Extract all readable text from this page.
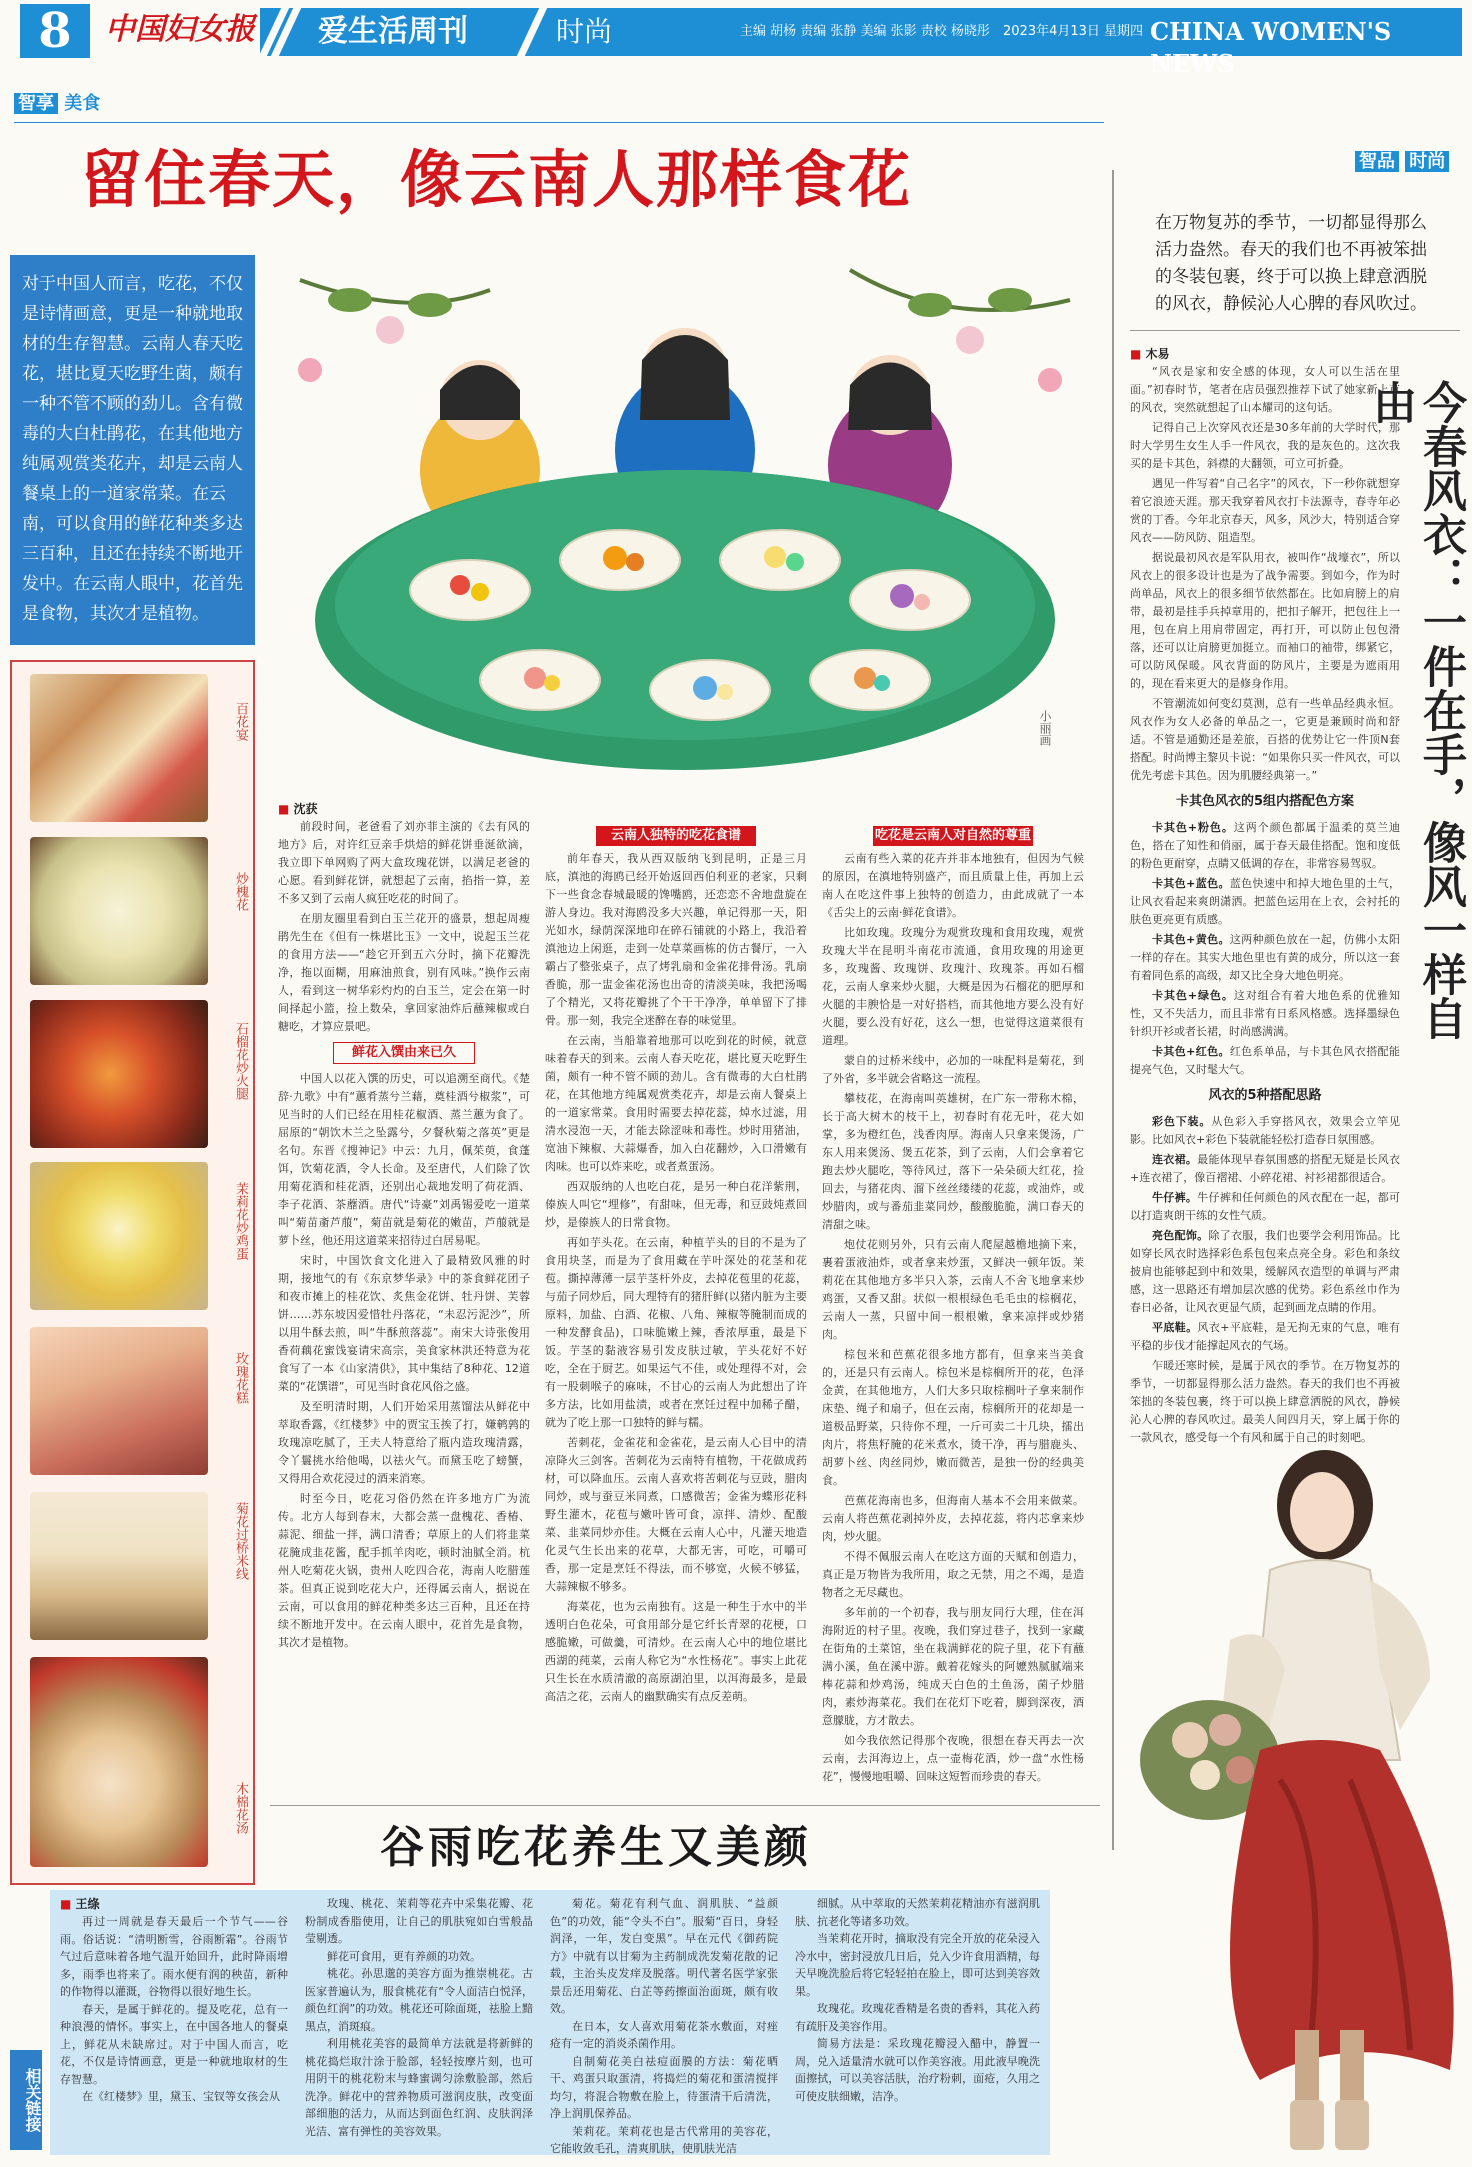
8	中国妇女报 爱生活周刊	时尚	主编 胡杨 责编 张静 美编 张影 责校 杨晓彤 2023年4月13日 星期四 CHINA WOMEN'S NEWS
智享 美食
留住春天，像云南人那样食花
对于中国人而言，吃花，不仅是诗情画意，更是一种就地取材的生存智慧。云南人春天吃花，堪比夏天吃野生菌，颇有一种不管不顾的劲儿。含有微毒的大白杜鹃花，在其他地方纯属观赏类花卉，却是云南人餐桌上的一道家常菜。在云南，可以食用的鲜花种类多达三百种，且还在持续不断地开发中。在云南人眼中，花首先是食物，其次才是植物。
百花宴
炒槐花
石榴花炒火腿
茉莉花炒鸡蛋
玫瑰花糕
菊花过桥米线
木棉花汤
小丽画
■ 沈获

前段时间，老爸看了刘亦菲主演的《去有风的地方》后，对许红豆亲手烘焙的鲜花饼垂涎欲滴，我立即下单网购了两大盒玫瑰花饼，以满足老爸的心愿。看到鲜花饼，就想起了云南，掐指一算，差不多又到了云南人疯狂吃花的时间了。

在朋友圈里看到白玉兰花开的盛景，想起周瘦鹃先生在《但有一株堪比玉》一文中，说起玉兰花的食用方法——“趁它开到五六分时，摘下花瓣洗净，拖以面糊，用麻油煎食，别有风味。”换作云南人，看到这一树华彩灼灼的白玉兰，定会在第一时间择起小篮，捡上数朵，拿回家油炸后蘸辣椒或白糖吃，才算应景吧。

鲜花入馔由来已久

中国人以花入馔的历史，可以追溯至商代。《楚辞·九歌》中有“蕙肴蒸兮兰藉，奠桂酒兮椒浆”，可见当时的人们已经在用桂花椒酒、蒸兰蕙为食了。屈原的“朝饮木兰之坠露兮，夕餐秋菊之落英”更是名句。东晋《搜神记》中云：九月，佩茱萸，食蓬饵，饮菊花酒，令人长命。及至唐代，人们除了饮用菊花酒和桂花酒，还别出心裁地发明了荷花酒、李子花酒、茶蘼酒。唐代“诗豪”刘禹锡爱吃一道菜叫“菊苗齑芦菔”，菊苗就是菊花的嫩苗，芦菔就是萝卜丝，他还用这道菜来招待过白居易呢。

宋时，中国饮食文化进入了最精致风雅的时期，接地气的有《东京梦华录》中的茶食鲜花团子和夜市摊上的桂花饮、炙焦金花饼、牡丹饼、芙蓉饼……苏东坡因爱惜牡丹落花，“未忍污泥沙”，所以用牛酥去煎，叫“牛酥煎落蕊”。南宋大诗张俊用香荷藕花蜜饯宴请宋高宗，美食家林洪还特意为花食写了一本《山家清供》，其中集结了8种花、12道菜的“花馔谱”，可见当时食花风俗之盛。

及至明清时期，人们开始采用蒸馏法从鲜花中萃取香露，《红楼梦》中的贾宝玉挨了打，嫌鹌鹑的玫瑰凉吃腻了，王夫人特意给了瓶内造玫瑰清露，令丫鬟挑水给他喝，以祛火气。而黛玉吃了螃蟹，又得用合欢花浸过的酒来消寒。

时至今日，吃花习俗仍然在许多地方广为流传。北方人每到春末，大都会蒸一盘槐花、香椿、蒜泥、细盐一拌，满口清香；草原上的人们将韭菜花腌成韭花酱，配手抓羊肉吃，顿时油腻全消。杭州人吃菊花火锅，贵州人吃四合花，海南人吃腊莲茶。但真正说到吃花大户，还得属云南人，据说在云南，可以食用的鲜花种类多达三百种，且还在持续不断地开发中。在云南人眼中，花首先是食物，其次才是植物。

云南人独特的吃花食谱

前年春天，我从西双版纳飞到昆明，正是三月底，滇池的海鸥已经开始返回西伯利亚的老家，只剩下一些食念春城最暖的馋嘴鸥，还恋恋不舍地盘旋在游人身边。我对海鸥没多大兴趣，单记得那一天，阳光如水，绿荫深深地印在碎石铺就的小路上，我沿着滇池边上闲逛，走到一处草菜画栋的仿古餐厅，一入霸占了整张桌子，点了烤乳扇和金雀花排骨汤。乳扇香脆，那一盅金雀花汤也出奇的清淡美味，我把汤喝了个精光，又将花瓣挑了个干干净净，单单留下了排骨。那一刻，我完全迷醉在春的味觉里。

在云南，当船靠着地那可以吃到花的时候，就意味着春天的到来。云南人春天吃花，堪比夏天吃野生菌，颇有一种不管不顾的劲儿。含有微毒的大白杜鹃花，在其他地方纯属观赏类花卉，却是云南人餐桌上的一道家常菜。食用时需要去掉花蕊，焯水过滤，用清水浸泡一天，才能去除涩味和毒性。炒时用猪油，宽油下辣椒、大蒜爆香，加入白花翻炒，入口滑嫩有肉味。也可以炸来吃，或者煮蛋汤。

西双版纳的人也吃白花，是另一种白花洋紫荆，傣族人叫它“埋修”，有甜味，但无毒，和豆豉炖煮回炒，是傣族人的日常食物。

再如芋头花。在云南，种植芋头的目的不是为了食用块茎，而是为了食用藏在芋叶深处的花茎和花苞。撕掉薄薄一层芋茎杆外皮，去掉花苞里的花蕊，与茄子同炒后，同大理特有的猪肝鲜(以猪内脏为主要原料，加盐、白酒、花椒、八角、辣椒等腌制而成的一种发酵食品)，口味脆嫩上辣，香浓厚重，最是下饭。芋茎的黏液容易引发皮肤过敏，芋头花好不好吃，全在于厨艺。如果运气不佳，或处理得不对，会有一股刺喉子的麻味，不甘心的云南人为此想出了许多方法，比如用盐渍，或者在烹饪过程中加稀子醋，就为了吃上那一口独特的鲜与糯。

苦刺花，金雀花和金雀花，是云南人心目中的清凉降火三剑客。苦刺花为云南特有植物，干花做成药材，可以降血压。云南人喜欢将苦刺花与豆豉，腊肉同炒，或与蚕豆米同煮，口感微苦；金雀为蝶形花科野生灌木，花苞与嫩叶皆可食，凉拌、清炒、配酸菜、韭菜同炒亦佳。大概在云南人心中，凡灌天地造化灵气生长出来的花草，大都无害，可吃，可嚼可香，那一定是烹饪不得法，而不够宽，火候不够猛，大蒜辣椒不够多。

海菜花，也为云南独有。这是一种生于水中的半透明白色花朵，可食用部分是它纤长青翠的花梗，口感脆嫩，可做羹，可清炒。在云南人心中的地位堪比西湖的莼菜，云南人称它为“水性杨花”。事实上此花只生长在水质清澈的高原湖泊里，以洱海最多，是最高洁之花，云南人的幽默确实有点反差萌。

吃花是云南人对自然的尊重

云南有些入菜的花卉并非本地独有，但因为气候的原因，在滇地特别盛产，而且质量上佳，再加上云南人在吃这件事上独特的创造力，由此成就了一本《舌尖上的云南·鲜花食谱》。

比如玫瑰。玫瑰分为观赏玫瑰和食用玫瑰，观赏玫瑰大半在昆明斗南花市流通，食用玫瑰的用途更多，玫瑰酱、玫瑰饼、玫瑰汁、玫瑰茶。再如石榴花，云南人拿来炒火腿，大概是因为石榴花的肥厚和火腿的丰腴恰是一对好搭档，而其他地方要么没有好火腿，要么没有好花，这么一想，也觉得这道菜很有道理。

蒙自的过桥米线中，必加的一味配料是菊花，到了外省，多半就会省略这一流程。

攀枝花，在海南叫英雄树，在广东一带称木棉，长于高大树木的枝干上，初春时有花无叶，花大如掌，多为橙红色，浅香肉厚。海南人只拿来煲汤，广东人用来煲汤、煲五花茶，到了云南，人们会拿着它跑去炒火腿吃，等待风过，落下一朵朵硕大红花，捡回去，与猪花肉、溜下丝丝缕缕的花蕊，或油炸，或炒腊肉，或与番茄韭菜同炒，酸酸脆脆，满口春天的清甜之味。

炮仗花则另外，只有云南人爬屋越檐地摘下来，裹着蛋液油炸，或者拿来炒蛋，又鲜决一顿年饭。茉莉花在其他地方多半只入茶，云南人不舍飞地拿来炒鸡蛋，又香又甜。状似一根根绿色毛毛虫的棕榈花，云南人一蒸，只留中间一根根嫩，拿来凉拌或炒猪肉。

棕包米和芭蕉花很多地方都有，但拿来当美食的，还是只有云南人。棕包米是棕榈所开的花，色泽金黄，在其他地方，人们大多只取棕榈叶子拿来制作床垫、绳子和扇子，但在云南，棕榈所开的花却是一道极品野菜，只待你不理，一斤可卖二十几块，擂出肉片，将焦籽腌的花米煮水，烫干净，再与腊鹿头、胡萝卜丝、肉丝同炒，嫩而微苦，是独一份的经典美食。

芭蕉花海南也多，但海南人基本不会用来做菜。云南人将芭蕉花剥掉外皮，去掉花蕊，将内芯拿来炒肉，炒火腿。

不得不佩服云南人在吃这方面的天赋和创造力，真正是万物皆为我所用，取之无禁，用之不竭，是造物者之无尽藏也。

多年前的一个初春，我与朋友同行大理，住在洱海附近的村子里。夜晚，我们穿过巷子，找到一家藏在街角的土菜馆，坐在栽满鲜花的院子里，花下有蘸满小溪，鱼在溪中游。戴着花嫁头的阿嬷熟腻腻端来棒花蒜和炒鸡汤，纯成天白色的土鱼汤，菌子炒腊肉，素炒海菜花。我们在花灯下吃着，脚到深夜，酒意朦胧，方才散去。

如今我依然记得那个夜晚，很想在春天再去一次云南，去洱海边上，点一壶梅花酒，炒一盘“水性杨花”，慢慢地咀嚼、回味这短暂而珍贵的春天。

智品 时尚
在万物复苏的季节，一切都显得那么活力盎然。春天的我们也不再被笨拙的冬装包裹，终于可以换上肆意洒脱的风衣，静候沁人心脾的春风吹过。
今春风衣：一件在手，像风一样自由
■ 木易

“风衣是家和安全感的体现，女人可以生活在里面。”初春时节，笔者在店员强烈推荐下试了她家新上市的风衣，突然就想起了山本耀司的这句话。

记得自己上次穿风衣还是30多年前的大学时代，那时大学男生女生人手一件风衣，我的是灰色的。这次我买的是卡其色，斜襟的大翻领，可立可折叠。

遇见一件写着“自己名字”的风衣，下一秒你就想穿着它浪迹天涯。那天我穿着风衣打卡法源寺，春寺年必赏的丁香。今年北京春天，风多，风沙大，特别适合穿风衣——防风防、阻造型。

据说最初风衣是军队用衣，被叫作“战壕衣”，所以风衣上的很多设计也是为了战争需要。到如今，作为时尚单品，风衣上的很多细节依然都在。比如肩膀上的肩带，最初是挂手兵掉章用的，把扣子解开，把包往上一甩，包在肩上用肩带固定，再打开，可以防止包包滑落，还可以让肩膀更加挺立。而袖口的袖带，绑紧它，可以防风保暖。风衣背面的防风片，主要是为遮雨用的，现在看来更大的是修身作用。

不管潮流如何变幻莫测，总有一些单品经典永恒。风衣作为女人必备的单品之一，它更是兼顾时尚和舒适。不管是通勤还是差旅，百搭的优势让它一件顶N套搭配。时尚博主黎贝卡说：“如果你只买一件风衣，可以优先考虑卡其色。因为肌腰经典第一。”

卡其色风衣的5组内搭配色方案

卡其色+粉色。这两个颜色都属于温柔的莫兰迪色，搭在了知性和俏丽，属于春天最佳搭配。饱和度低的粉色更耐穿，点睛又低调的存在，非常容易驾驭。

卡其色+蓝色。蓝色快速中和掉大地色里的土气，让风衣看起来爽朗潇洒。把蓝色运用在上衣，会衬托的肤色更亮更有质感。

卡其色+黄色。这两种颜色放在一起，仿佛小太阳一样的存在。其实大地色里也有黄的成分，所以这一套有着同色系的高级，却又比全身大地色明亮。

卡其色+绿色。这对组合有着大地色系的优雅知性，又不失活力，而且非常有日系风格感。选择墨绿色针织开衫或者长裙，时尚感满满。

卡其色+红色。红色系单品，与卡其色风衣搭配能提亮气色，又时髦大气。

风衣的5种搭配思路

彩色下装。从色彩入手穿搭风衣，效果会立竿见影。比如风衣+彩色下装就能轻松打造春日氛围感。

连衣裙。最能体现早春氛围感的搭配无疑是长风衣+连衣裙了，像百褶裙、小碎花裙、衬衫裙都很适合。

牛仔裤。牛仔裤和任何颜色的风衣配在一起，都可以打造爽朗干练的女性气质。

亮色配饰。除了衣服，我们也要学会利用饰品。比如穿长风衣时选择彩色系包包来点亮全身。彩色和条纹披肩也能够起到中和效果，缓解风衣造型的单调与严肃感，这一思路还有增加层次感的优势。彩色系丝巾作为春日必备，让风衣更显气质，起到画龙点睛的作用。

平底鞋。风衣+平底鞋，是无拘无束的气息，唯有平稳的步伐才能撑起风衣的气场。

乍暖还寒时候，是属于风衣的季节。在万物复苏的季节，一切都显得那么活力盎然。春天的我们也不再被笨拙的冬装包裹，终于可以换上肆意洒脱的风衣，静候沁人心脾的春风吹过。最美人间四月天，穿上属于你的一款风衣，感受每一个有风和属于自己的时刻吧。

谷雨吃花养生又美颜
相关链接
■ 王绦

再过一周就是春天最后一个节气——谷雨。俗话说：“清明断雪，谷雨断霜”。谷雨节气过后意味着各地气温开始回升，此时降雨增多，雨季也将来了。雨水便有润的秧苗，新种的作物得以灌溉，谷物得以很好地生长。

春天，是属于鲜花的。提及吃花，总有一种浪漫的情怀。事实上，在中国各地人的餐桌上，鲜花从未缺席过。对于中国人而言，吃花，不仅是诗情画意，更是一种就地取材的生存智慧。

在《红楼梦》里，黛玉、宝钗等女孩会从

玫瑰、桃花、茉莉等花卉中采集花瓣、花粉制成香脂使用，让自己的肌肤宛如白雪般晶莹剔透。

鲜花可食用，更有养颜的功效。

桃花。孙思邈的美容方面为推崇桃花。古医家普遍认为，服食桃花有“令人面洁白悦泽，颜色红润”的功效。桃花还可除面斑，祛脸上黯黑点，消斑痕。

利用桃花美容的最简单方法就是将新鲜的桃花捣烂取汁涂于脸部，轻轻按摩片刻，也可用阴干的桃花粉末与蜂蜜调匀涂敷脸部，然后洗净。鲜花中的营养物质可滋润皮肤，改变面部细胞的活力，从而达到面色红润、皮肤润泽光洁、富有弹性的美容效果。

菊花。菊花有利气血、润肌肤、“益颜色”的功效，能“令头不白”。服菊“百日，身轻润泽，一年，发白变黑”。早在元代《御药院方》中就有以甘菊为主药制成洗发菊花散的记载，主治头皮发痒及脱落。明代著名医学家张景岳还用菊花、白芷等药擦面治面斑，颇有收效。

在日本，女人喜欢用菊花茶水敷面，对痤疮有一定的消炎杀菌作用。

自制菊花美白祛痘面膜的方法：菊花晒干、鸡蛋只取蛋清，将捣烂的菊花和蛋清搅拌均匀，将混合物敷在脸上，待蛋清干后清洗，净上润肌保养品。

茉莉花。茉莉花也是古代常用的美容花，它能收敛毛孔，清爽肌肤，使肌肤光洁

细腻。从中萃取的天然茉莉花精油亦有滋润肌肤、抗老化等诸多功效。

当茉莉花开时，摘取没有完全开放的花朵浸入冷水中，密封浸放几日后，兑入少许食用酒精，每天早晚洗脸后将它轻轻拍在脸上，即可达到美容效果。

玫瑰花。玫瑰花香精是名贵的香料，其花入药有疏肝及美容作用。

简易方法是：采玫瑰花瓣浸入醋中，静置一周，兑入适量清水就可以作美容液。用此液早晚洗面擦拭，可以美容活肤，治疗粉刺，面疮，久用之可使皮肤细嫩，洁净。
